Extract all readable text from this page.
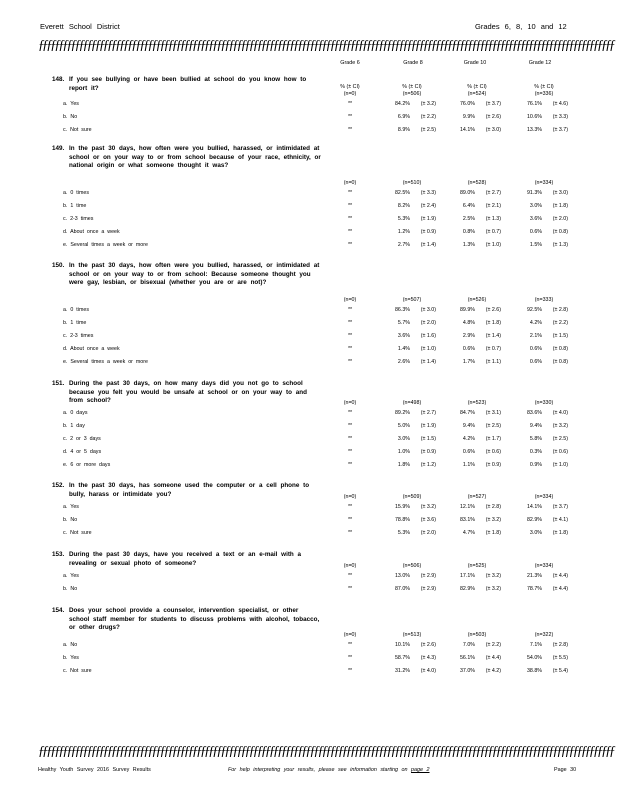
Everett School District	Grades 6, 8, 10 and 12
ƒƒƒƒƒƒƒƒƒƒƒƒƒƒƒƒƒƒƒƒƒƒƒƒƒƒƒƒƒƒƒƒƒƒƒƒƒƒƒƒƒƒƒƒƒƒƒƒƒƒƒƒƒƒƒƒƒƒƒƒƒƒƒƒƒƒƒƒƒƒƒƒƒƒƒƒƒƒƒƒƒƒƒƒƒƒƒƒƒƒƒƒƒƒƒƒƒƒƒƒƒƒƒƒƒƒƒƒƒƒƒƒƒƒƒƒƒƒƒƒƒƒƒƒƒƒƒƒƒƒƒƒƒƒƒƒƒƒƒƒƒƒ
Grade 6	Grade 8	Grade 10	Grade 12
148. If you see bullying or have been bullied at school do you know how to report it?	% (± CI)	% (± CI)	% (± CI)	% (± CI)
(n=0)	(n=506)	(n=524)	(n=336)
a. Yes	**	84.2%	(± 3.2)	76.0%	(± 3.7)	76.1%	(± 4.6)
b. No	**	6.9%	(± 2.2)	9.9%	(± 2.6)	10.6%	(± 3.3)
c. Not sure	**	8.9%	(± 2.5)	14.1%	(± 3.0)	13.3%	(± 3.7)
149. In the past 30 days, how often were you bullied, harassed, or intimidated at school or on your way to or from school because of your race, ethnicity, or national origin or what someone thought it was?
(n=0)	(n=510)	(n=528)	(n=334)
a. 0 times	**	82.5%	(± 3.3)	89.0%	(± 2.7)	91.3%	(± 3.0)
b. 1 time	**	8.2%	(± 2.4)	6.4%	(± 2.1)	3.0%	(± 1.8)
c. 2-3 times	**	5.3%	(± 1.9)	2.5%	(± 1.3)	3.6%	(± 2.0)
d. About once a week	**	1.2%	(± 0.9)	0.8%	(± 0.7)	0.6%	(± 0.8)
e. Several times a week or more	**	2.7%	(± 1.4)	1.3%	(± 1.0)	1.5%	(± 1.3)
150. In the past 30 days, how often were you bullied, harassed, or intimidated at school or on your way to or from school: Because someone thought you were gay, lesbian, or bisexual (whether you are or are not)?
(n=0)	(n=507)	(n=526)	(n=333)
a. 0 times	**	86.3%	(± 3.0)	89.9%	(± 2.6)	92.5%	(± 2.8)
b. 1 time	**	5.7%	(± 2.0)	4.8%	(± 1.8)	4.2%	(± 2.2)
c. 2-3 times	**	3.6%	(± 1.6)	2.9%	(± 1.4)	2.1%	(± 1.5)
d. About once a week	**	1.4%	(± 1.0)	0.6%	(± 0.7)	0.6%	(± 0.8)
e. Several times a week or more	**	2.6%	(± 1.4)	1.7%	(± 1.1)	0.6%	(± 0.8)
151. During the past 30 days, on how many days did you not go to school because you felt you would be unsafe at school or on your way to and from school?	(n=0)	(n=498)	(n=523)	(n=330)
a. 0 days	**	89.2%	(± 2.7)	84.7%	(± 3.1)	83.6%	(± 4.0)
b. 1 day	**	5.0%	(± 1.9)	9.4%	(± 2.5)	9.4%	(± 3.2)
c. 2 or 3 days	**	3.0%	(± 1.5)	4.2%	(± 1.7)	5.8%	(± 2.5)
d. 4 or 5 days	**	1.0%	(± 0.9)	0.6%	(± 0.6)	0.3%	(± 0.6)
e. 6 or more days	**	1.8%	(± 1.2)	1.1%	(± 0.9)	0.9%	(± 1.0)
152. In the past 30 days, has someone used the computer or a cell phone to bully, harass or intimidate you?	(n=0)	(n=509)	(n=527)	(n=334)
a. Yes	**	15.9%	(± 3.2)	12.1%	(± 2.8)	14.1%	(± 3.7)
b. No	**	78.8%	(± 3.6)	83.1%	(± 3.2)	82.9%	(± 4.1)
c. Not sure	**	5.3%	(± 2.0)	4.7%	(± 1.8)	3.0%	(± 1.8)
153. During the past 30 days, have you received a text or an e-mail with a revealing or sexual photo of someone?	(n=0)	(n=506)	(n=525)	(n=334)
a. Yes	**	13.0%	(± 2.9)	17.1%	(± 3.2)	21.3%	(± 4.4)
b. No	**	87.0%	(± 2.9)	82.9%	(± 3.2)	78.7%	(± 4.4)
154. Does your school provide a counselor, intervention specialist, or other school staff member for students to discuss problems with alcohol, tobacco, or other drugs?
(n=0)	(n=513)	(n=503)	(n=322)
a. No	**	10.1%	(± 2.6)	7.0%	(± 2.2)	7.1%	(± 2.8)
b. Yes	**	58.7%	(± 4.3)	56.1%	(± 4.4)	54.0%	(± 5.5)
c. Not sure	**	31.2%	(± 4.0)	37.0%	(± 4.2)	38.8%	(± 5.4)
ƒƒƒƒƒƒƒƒƒƒƒƒƒƒƒƒƒƒƒƒƒƒƒƒƒƒƒƒƒƒƒƒƒƒƒƒƒƒƒƒƒƒƒƒƒƒƒƒƒƒƒƒƒƒƒƒƒƒƒƒƒƒƒƒƒƒƒƒƒƒƒƒƒƒƒƒƒƒƒƒƒƒƒƒƒƒƒƒƒƒƒƒƒƒƒƒƒƒƒƒƒƒƒƒƒƒƒƒƒƒƒƒƒƒƒƒƒƒƒƒƒƒƒƒƒƒƒƒƒƒƒƒƒƒƒƒƒƒƒƒƒƒ
Healthy Youth Survey 2016 Survey Results	For help interpreting your results, please see information starting on page 2	Page 30
